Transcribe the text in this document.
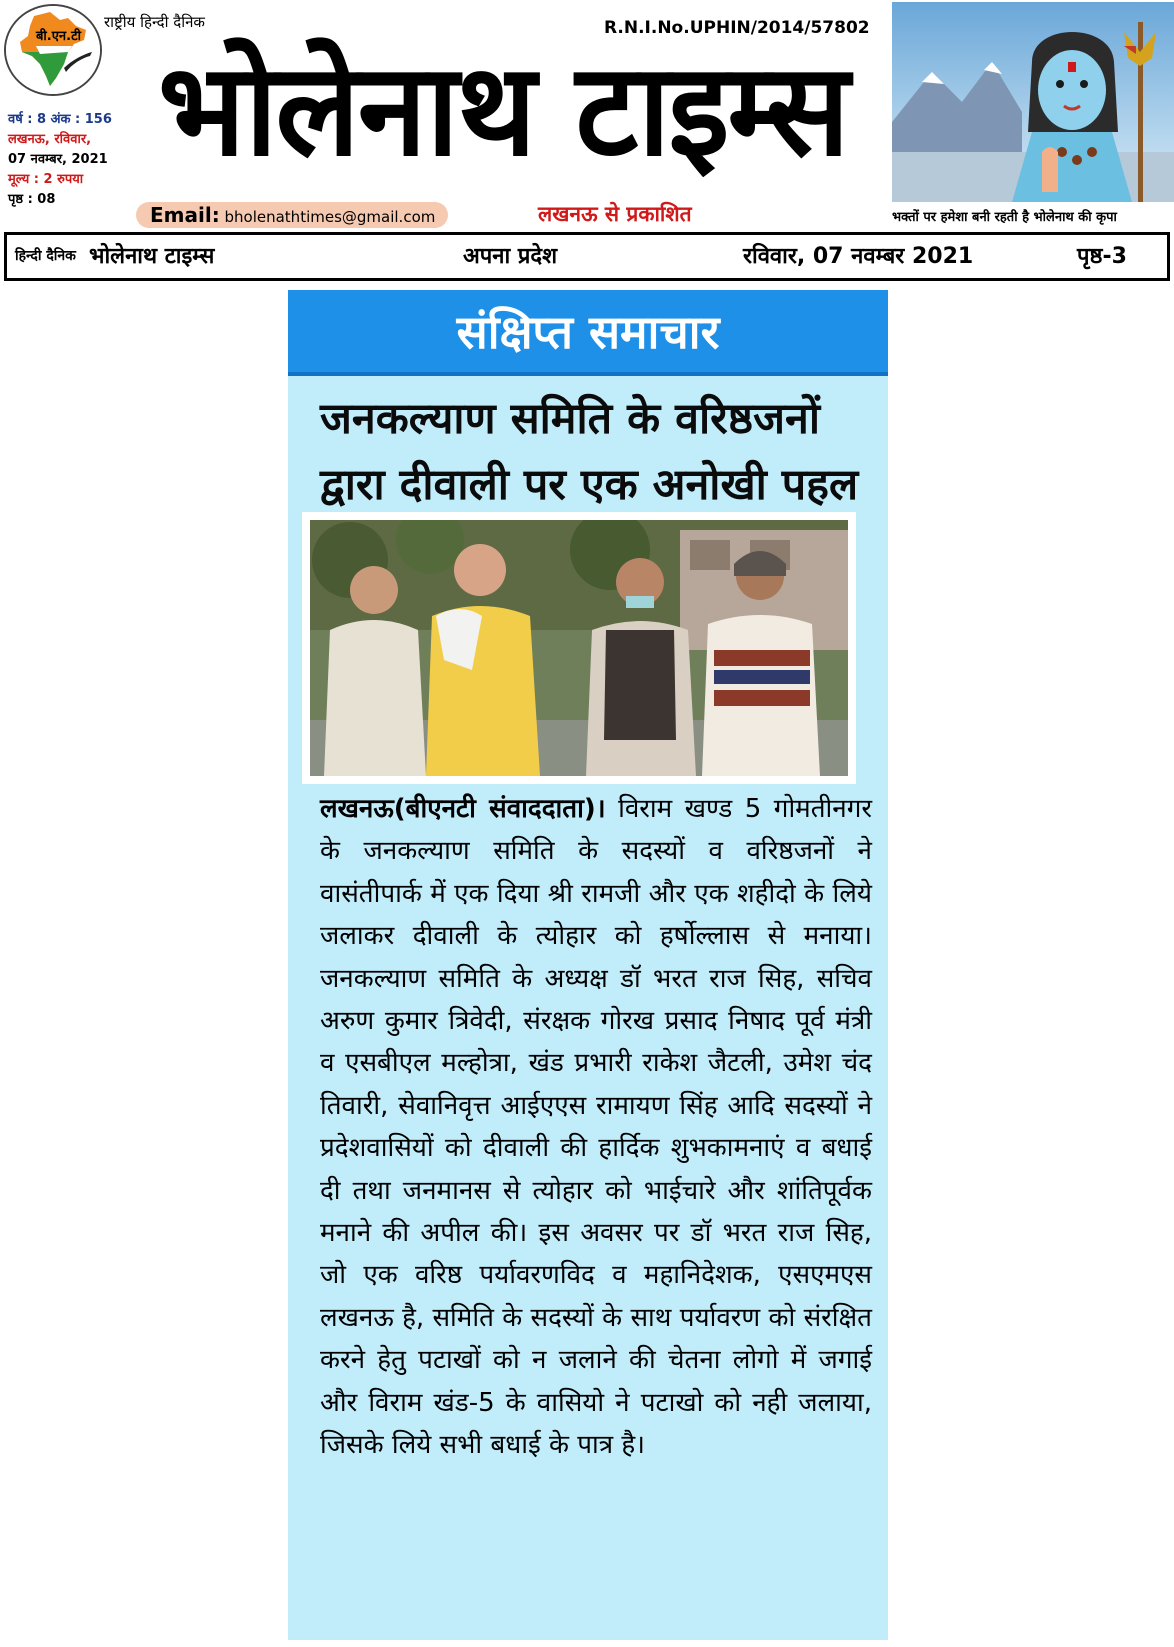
बी.एन.टी
राष्ट्रीय हिन्दी दैनिक
वर्ष : 8 अंक : 156
लखनऊ, रविवार,
07 नवम्बर, 2021
मूल्य : 2 रुपया
पृष्ठ : 08
R.N.I.No.UPHIN/2014/57802
भोलेनाथ टाइम्स
Email: bholenathtimes@gmail.com	लखनऊ से प्रकाशित	भक्तों पर हमेशा बनी रहती है भोलेनाथ की कृपा
हिन्दी दैनिक भोलेनाथ टाइम्स	अपना प्रदेश	रविवार, 07 नवम्बर 2021	पृष्ठ-3
संक्षिप्त समाचार
जनकल्याण समिति के वरिष्ठजनों
द्वारा दीवाली पर एक अनोखी पहल
लखनऊ(बीएनटी संवाददाता)। विराम खण्ड 5 गोमतीनगर के जनकल्याण समिति के सदस्यों व वरिष्ठजनों ने वासंतीपार्क में एक दिया श्री रामजी और एक शहीदो के लिये जलाकर दीवाली के त्योहार को हर्षोल्लास से मनाया। जनकल्याण समिति के अध्यक्ष डॉ भरत राज सिह, सचिव अरुण कुमार त्रिवेदी, संरक्षक गोरख प्रसाद निषाद पूर्व मंत्री व एसबीएल मल्होत्रा, खंड प्रभारी राकेश जैटली, उमेश चंद तिवारी, सेवानिवृत्त आईएएस रामायण सिंह आदि सदस्यों ने प्रदेशवासियों को दीवाली की हार्दिक शुभकामनाएं व बधाई दी तथा जनमानस से त्योहार को भाईचारे और शांतिपूर्वक मनाने की अपील की। इस अवसर पर डॉ भरत राज सिह, जो एक वरिष्ठ पर्यावरणविद व महानिदेशक, एसएमएस लखनऊ है, समिति के सदस्यों के साथ पर्यावरण को संरक्षित करने हेतु पटाखों को न जलाने की चेतना लोगो में जगाई और विराम खंड-5 के वासियो ने पटाखो को नही जलाया, जिसके लिये सभी बधाई के पात्र है।
